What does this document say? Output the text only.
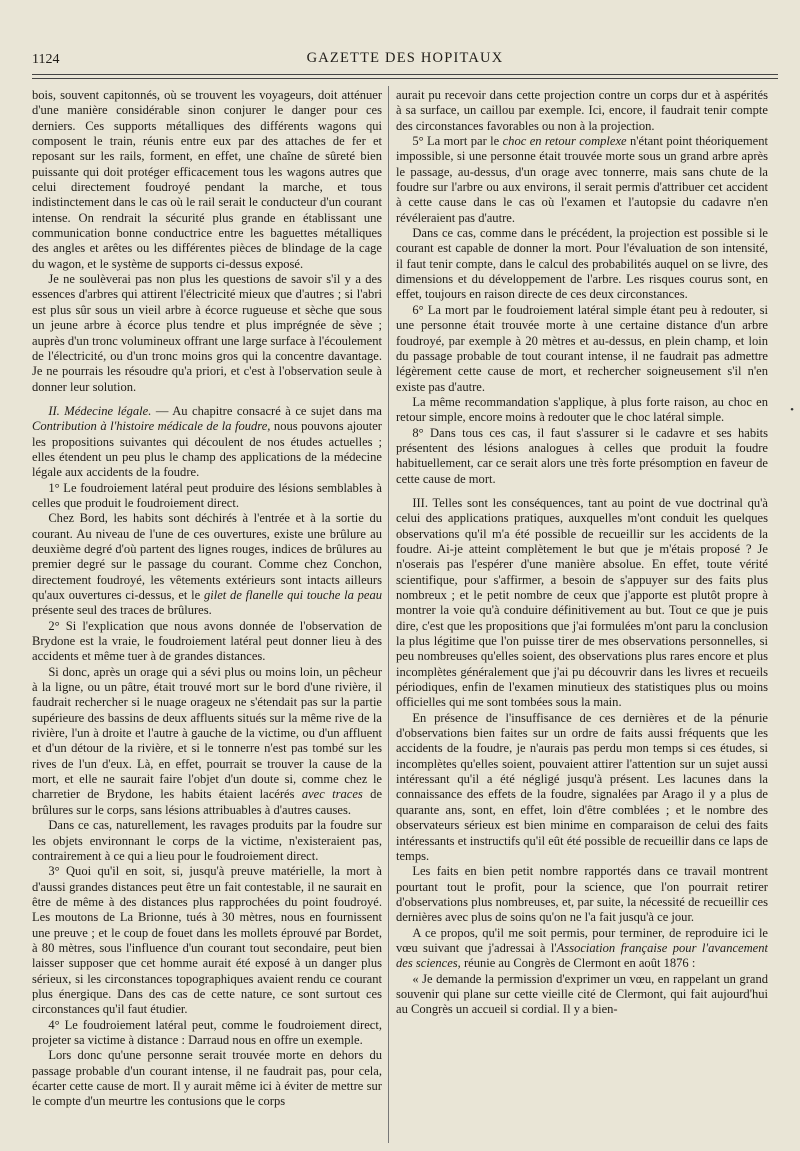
1124	GAZETTE DES HOPITAUX

bois, souvent capitonnés, où se trouvent les voyageurs, doit atténuer d'une manière considérable sinon conjurer le danger pour ces derniers. Ces supports métalliques des différents wagons qui composent le train, réunis entre eux par des attaches de fer et reposant sur les rails, forment, en effet, une chaîne de sûreté bien puissante qui doit protéger efficacement tous les wagons autres que celui directement foudroyé pendant la marche, et tous indistinctement dans le cas où le rail serait le conducteur d'un courant intense. On rendrait la sécurité plus grande en établissant une communication bonne conductrice entre les baguettes métalliques des angles et arêtes ou les différentes pièces de blindage de la cage du wagon, et le système de supports ci-dessus exposé.

Je ne soulèverai pas non plus les questions de savoir s'il y a des essences d'arbres qui attirent l'électricité mieux que d'autres ; si l'abri est plus sûr sous un vieil arbre à écorce rugueuse et sèche que sous un jeune arbre à écorce plus tendre et plus imprégnée de sève ; auprès d'un tronc volumineux offrant une large surface à l'écoulement de l'électricité, ou d'un tronc moins gros qui la concentre davantage. Je ne pourrais les résoudre qu'a priori, et c'est à l'observation seule à donner leur solution.

II. Médecine légale. — Au chapitre consacré à ce sujet dans ma Contribution à l'histoire médicale de la foudre, nous pouvons ajouter les propositions suivantes qui découlent de nos études actuelles ; elles étendent un peu plus le champ des applications de la médecine légale aux accidents de la foudre.

1° Le foudroiement latéral peut produire des lésions semblables à celles que produit le foudroiement direct.

Chez Bord, les habits sont déchirés à l'entrée et à la sortie du courant. Au niveau de l'une de ces ouvertures, existe une brûlure au deuxième degré d'où partent des lignes rouges, indices de brûlures au premier degré sur le passage du courant. Comme chez Conchon, directement foudroyé, les vêtements extérieurs sont intacts ailleurs qu'aux ouvertures ci-dessus, et le gilet de flanelle qui touche la peau présente seul des traces de brûlures.

2° Si l'explication que nous avons donnée de l'observation de Brydone est la vraie, le foudroiement latéral peut donner lieu à des accidents et même tuer à de grandes distances.

Si donc, après un orage qui a sévi plus ou moins loin, un pêcheur à la ligne, ou un pâtre, était trouvé mort sur le bord d'une rivière, il faudrait rechercher si le nuage orageux ne s'étendait pas sur la partie supérieure des bassins de deux affluents situés sur la même rive de la rivière, l'un à droite et l'autre à gauche de la victime, ou d'un affluent et d'un détour de la rivière, et si le tonnerre n'est pas tombé sur les rives de l'un d'eux. Là, en effet, pourrait se trouver la cause de la mort, et elle ne saurait faire l'objet d'un doute si, comme chez le charretier de Brydone, les habits étaient lacérés avec traces de brûlures sur le corps, sans lésions attribuables à d'autres causes.

Dans ce cas, naturellement, les ravages produits par la foudre sur les objets environnant le corps de la victime, n'existeraient pas, contrairement à ce qui a lieu pour le foudroiement direct.

3° Quoi qu'il en soit, si, jusqu'à preuve matérielle, la mort à d'aussi grandes distances peut être un fait contestable, il ne saurait en être de même à des distances plus rapprochées du point foudroyé. Les moutons de La Brionne, tués à 30 mètres, nous en fournissent une preuve ; et le coup de fouet dans les mollets éprouvé par Bordet, à 80 mètres, sous l'influence d'un courant tout secondaire, peut bien laisser supposer que cet homme aurait été exposé à un danger plus sérieux, si les circonstances topographiques avaient rendu ce courant plus énergique. Dans des cas de cette nature, ce sont surtout ces circonstances qu'il faut étudier.

4° Le foudroiement latéral peut, comme le foudroiement direct, projeter sa victime à distance : Darraud nous en offre un exemple.

Lors donc qu'une personne serait trouvée morte en dehors du passage probable d'un courant intense, il ne faudrait pas, pour cela, écarter cette cause de mort. Il y aurait même ici à éviter de mettre sur le compte d'un meurtre les contusions que le corps

aurait pu recevoir dans cette projection contre un corps dur et à aspérités à sa surface, un caillou par exemple. Ici, encore, il faudrait tenir compte des circonstances favorables ou non à la projection.

5° La mort par le choc en retour complexe n'étant point théoriquement impossible, si une personne était trouvée morte sous un grand arbre après le passage, au-dessus, d'un orage avec tonnerre, mais sans chute de la foudre sur l'arbre ou aux environs, il serait permis d'attribuer cet accident à cette cause dans le cas où l'examen et l'autopsie du cadavre n'en révéleraient pas d'autre.

Dans ce cas, comme dans le précédent, la projection est possible si le courant est capable de donner la mort. Pour l'évaluation de son intensité, il faut tenir compte, dans le calcul des probabilités auquel on se livre, des dimensions et du développement de l'arbre. Les risques courus sont, en effet, toujours en raison directe de ces deux circonstances.

6° La mort par le foudroiement latéral simple étant peu à redouter, si une personne était trouvée morte à une certaine distance d'un arbre foudroyé, par exemple à 20 mètres et au-dessus, en plein champ, et loin du passage probable de tout courant intense, il ne faudrait pas admettre légèrement cette cause de mort, et rechercher soigneusement s'il n'en existe pas d'autre.

La même recommandation s'applique, à plus forte raison, au choc en retour simple, encore moins à redouter que le choc latéral simple.

8° Dans tous ces cas, il faut s'assurer si le cadavre et ses habits présentent des lésions analogues à celles que produit la foudre habituellement, car ce serait alors une très forte présomption en faveur de cette cause de mort.

III. Telles sont les conséquences, tant au point de vue doctrinal qu'à celui des applications pratiques, auxquelles m'ont conduit les quelques observations qu'il m'a été possible de recueillir sur les accidents de la foudre. Ai-je atteint complètement le but que je m'étais proposé ? Je n'oserais pas l'espérer d'une manière absolue. En effet, toute vérité scientifique, pour s'affirmer, a besoin de s'appuyer sur des faits plus nombreux ; et le petit nombre de ceux que j'apporte est plutôt propre à montrer la voie qu'à conduire définitivement au but. Tout ce que je puis dire, c'est que les propositions que j'ai formulées m'ont paru la conclusion la plus légitime que l'on puisse tirer de mes observations personnelles, si peu nombreuses qu'elles soient, des observations plus rares encore et plus incomplètes généralement que j'ai pu découvrir dans les livres et recueils périodiques, enfin de l'examen minutieux des statistiques plus ou moins officielles qui me sont tombées sous la main.

En présence de l'insuffisance de ces dernières et de la pénurie d'observations bien faites sur un ordre de faits aussi fréquents que les accidents de la foudre, je n'aurais pas perdu mon temps si ces études, si incomplètes qu'elles soient, pouvaient attirer l'attention sur un sujet aussi intéressant qu'il a été négligé jusqu'à présent. Les lacunes dans la connaissance des effets de la foudre, signalées par Arago il y a plus de quarante ans, sont, en effet, loin d'être comblées ; et le nombre des observateurs sérieux est bien minime en comparaison de celui des faits intéressants et instructifs qu'il eût été possible de recueillir dans ce laps de temps.

Les faits en bien petit nombre rapportés dans ce travail montrent pourtant tout le profit, pour la science, que l'on pourrait retirer d'observations plus nombreuses, et, par suite, la nécessité de recueillir ces dernières avec plus de soins qu'on ne l'a fait jusqu'à ce jour.

A ce propos, qu'il me soit permis, pour terminer, de reproduire ici le vœu suivant que j'adressai à l'Association française pour l'avancement des sciences, réunie au Congrès de Clermont en août 1876 :

« Je demande la permission d'exprimer un vœu, en rappelant un grand souvenir qui plane sur cette vieille cité de Clermont, qui fait aujourd'hui au Congrès un accueil si cordial. Il y a bien-

•
